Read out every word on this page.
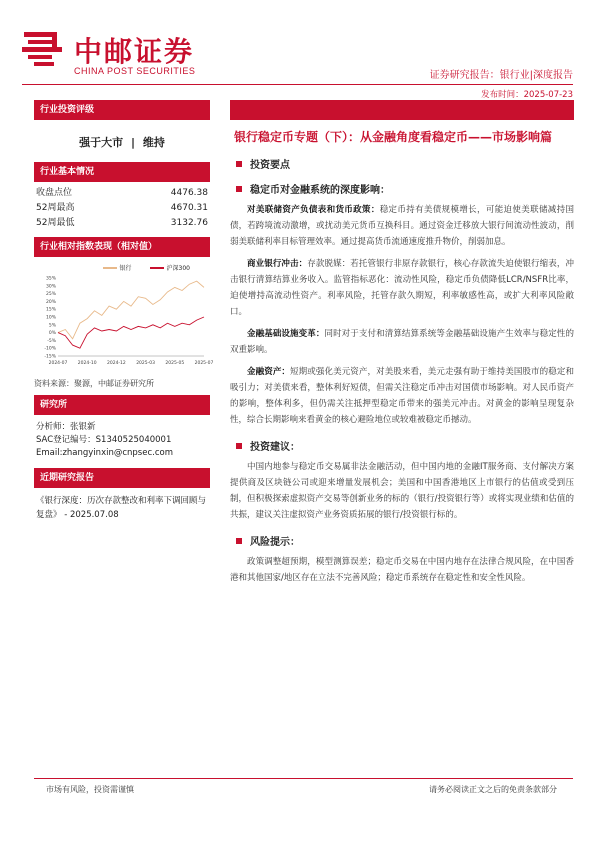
中邮证券
CHINA POST SECURITIES	证券研究报告：银行业|深度报告
发布时间：2025-07-23
行业投资评级
强于大市 | 维持
行业基本情况
收盘点位	4476.38
52周最高	4670.31
52周最低	3132.76
行业相对指数表现（相对值）
银行	沪深300
35%
30%
25%
20%
15%
10%
5%
0%
-5%
-10%
-15%
2024-07 2024-10 2024-12 2025-03 2025-05 2025-07
资料来源：聚源，中邮证券研究所
研究所
分析师：张银新
SAC登记编号：S1340525040001
Email:zhangyinxin@cnpsec.com
近期研究报告
《银行深度：历次存款整改和利率下调回顾与复盘》 - 2025.07.08
银行稳定币专题（下）：从金融角度看稳定币——市场影响篇
投资要点
稳定币对金融系统的深度影响：
对美联储资产负债表和货币政策：稳定币持有美债规模增长，可能迫使美联储减持国债，若跨境流动激增，或扰动美元货币互换科目。通过资金迁移放大银行间流动性波动，削弱美联储利率目标管理效率。通过提高货币流通速度推升物价，削弱加息。
商业银行冲击：存款脱媒：若托管银行非原存款银行，核心存款流失迫使银行缩表，冲击银行清算结算业务收入。监管指标恶化：流动性风险，稳定币负债降低LCR/NSFR比率，迫使增持高流动性资产。利率风险，托管存款久期短，利率敏感性高，或扩大利率风险敞口。
金融基础设施变革：同时对于支付和清算结算系统等金融基础设施产生效率与稳定性的双重影响。
金融资产：短期或强化美元资产，对美股来看，美元走强有助于维持美国股市的稳定和吸引力；对美债来看，整体利好短债，但需关注稳定币冲击对国债市场影响。对人民币资产的影响，整体利多，但仍需关注抵押型稳定币带来的强美元冲击。对黄金的影响呈现复杂性，综合长期影响来看黄金的核心避险地位或较难被稳定币撼动。
投资建议：
中国内地参与稳定币交易属非法金融活动，但中国内地的金融IT服务商、支付解决方案提供商及区块链公司或迎来增量发展机会；美国和中国香港地区上市银行的估值或受到压制，但积极探索虚拟资产交易等创新业务的标的（银行/投资银行等）或将实现业绩和估值的共振，建议关注虚拟资产业务资质拓展的银行/投资银行标的。
风险提示：
政策调整超预期，模型测算误差；稳定币交易在中国内地存在法律合规风险，在中国香港和其他国家/地区存在立法不完善风险；稳定币系统存在稳定性和安全性风险。
市场有风险，投资需谨慎	请务必阅读正文之后的免责条款部分
